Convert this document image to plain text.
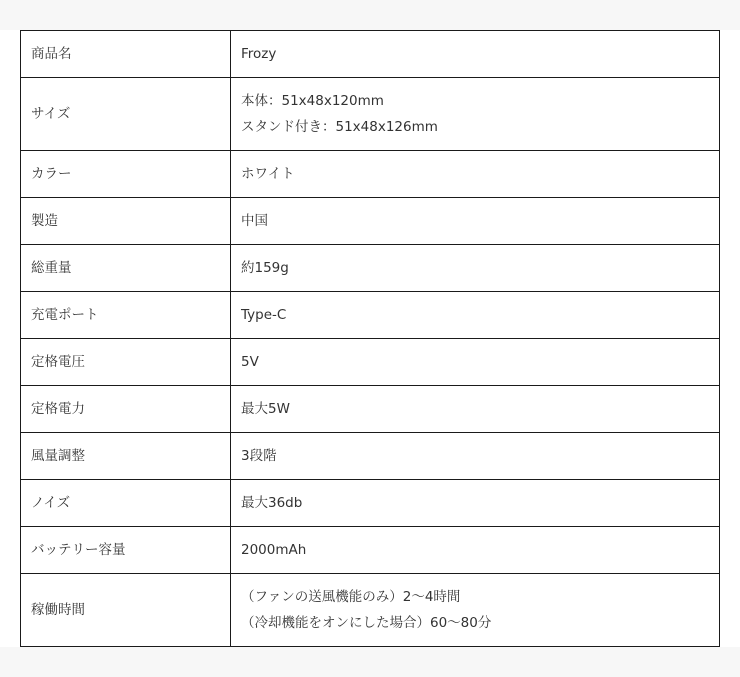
商品名	Frozy

サイズ	本体：51x48x120mm
スタンド付き：51x48x126mm

カラー	ホワイト

製造	中国

総重量	約159g

充電ポート	Type-C

定格電圧	5V

定格電力	最大5W

風量調整	3段階

ノイズ	最大36db

バッテリー容量	2000mAh

稼働時間	（ファンの送風機能のみ）2〜4時間
（冷却機能をオンにした場合）60〜80分
